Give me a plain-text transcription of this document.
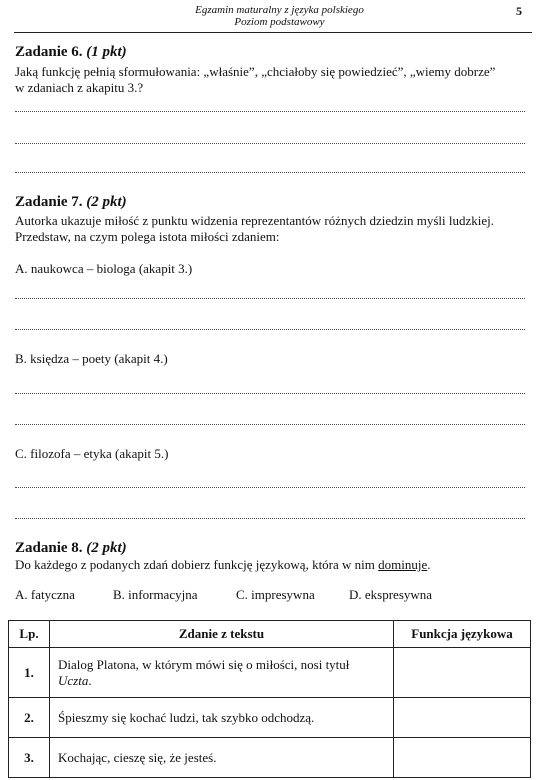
Egzamin maturalny z języka polskiego
Poziom podstawowy
5
Zadanie 6. (1 pkt)
Jaką funkcję pełnią sformułowania: „właśnie”, „chciałoby się powiedzieć”, „wiemy dobrze”
w zdaniach z akapitu 3.?
Zadanie 7. (2 pkt)
Autorka ukazuje miłość z punktu widzenia reprezentantów różnych dziedzin myśli ludzkiej.
Przedstaw, na czym polega istota miłości zdaniem:
A. naukowca – biologa (akapit 3.)
B. księdza – poety (akapit 4.)
C. filozofa – etyka (akapit 5.)
Zadanie 8. (2 pkt)
Do każdego z podanych zdań dobierz funkcję językową, która w nim dominuje.
A. fatyczna	B. informacyjna	C. impresywna	D. ekspresywna
Lp.	Zdanie z tekstu	Funkcja językowa
1.	Dialog Platona, w którym mówi się o miłości, nosi tytuł
Uczta.	
2.	Śpieszmy się kochać ludzi, tak szybko odchodzą.	
3.	Kochając, cieszę się, że jesteś.	
